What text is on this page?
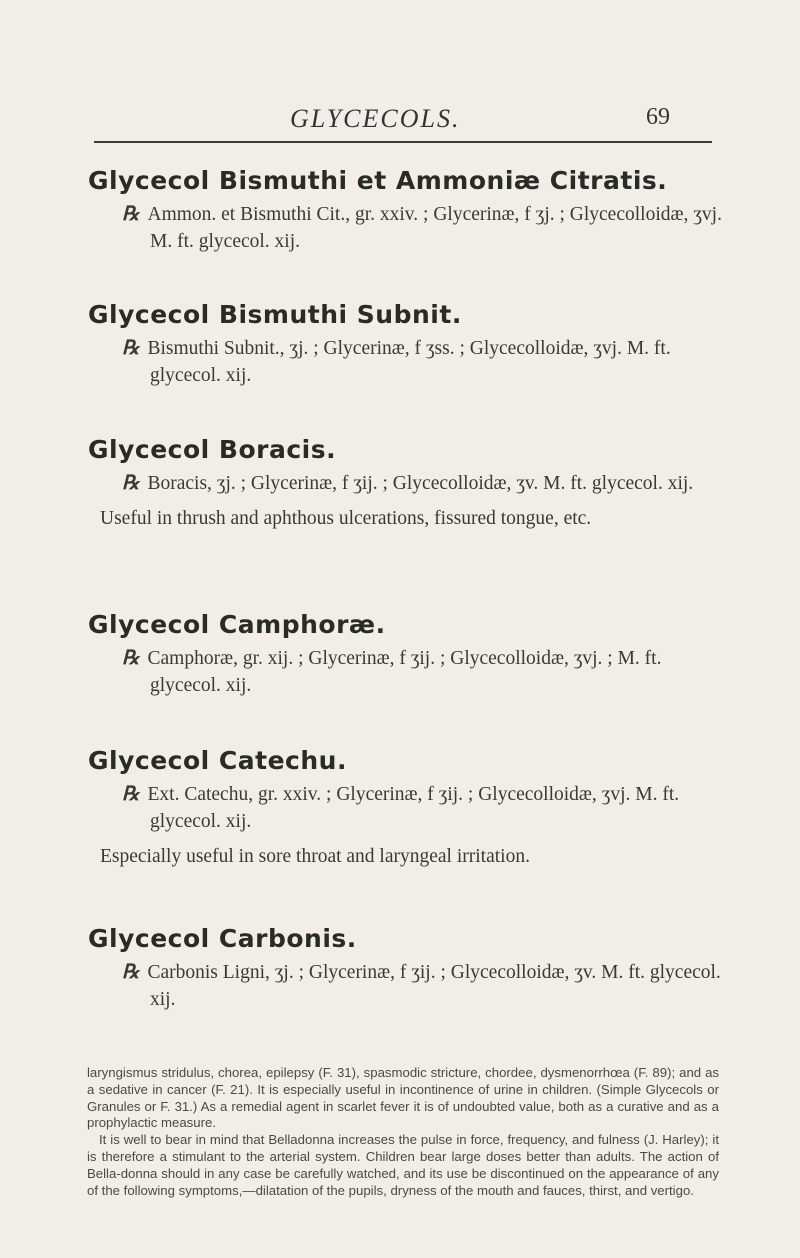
GLYCECOLS.	69
Glycecol Bismuthi et Ammoniæ Citratis.

℞ Ammon. et Bismuthi Cit., gr. xxiv. ; Glycerinæ, f ʒj. ; Glycecolloidæ, ʒvj. M. ft. glycecol. xij.

Glycecol Bismuthi Subnit.

℞ Bismuthi Subnit., ʒj. ; Glycerinæ, f ʒss. ; Glycecolloidæ, ʒvj. M. ft. glycecol. xij.

Glycecol Boracis.

℞ Boracis, ʒj. ; Glycerinæ, f ʒij. ; Glycecolloidæ, ʒv. M. ft. glycecol. xij.

Useful in thrush and aphthous ulcerations, fissured tongue, etc.

Glycecol Camphoræ.

℞ Camphoræ, gr. xij. ; Glycerinæ, f ʒij. ; Glycecolloidæ, ʒvj. ; M. ft. glycecol. xij.

Glycecol Catechu.

℞ Ext. Catechu, gr. xxiv. ; Glycerinæ, f ʒij. ; Glycecolloidæ, ʒvj. M. ft. glycecol. xij.

Especially useful in sore throat and laryngeal irritation.

Glycecol Carbonis.

℞ Carbonis Ligni, ʒj. ; Glycerinæ, f ʒij. ; Glycecolloidæ, ʒv. M. ft. glycecol. xij.

laryngismus stridulus, chorea, epilepsy (F. 31), spasmodic stricture, chordee, dysmenorrhœa (F. 89); and as a sedative in cancer (F. 21). It is especially useful in incontinence of urine in children. (Simple Glycecols or Granules or F. 31.) As a remedial agent in scarlet fever it is of undoubted value, both as a curative and as a prophylactic measure.

It is well to bear in mind that Belladonna increases the pulse in force, frequency, and fulness (J. Harley); it is therefore a stimulant to the arterial system. Children bear large doses better than adults. The action of Bella-donna should in any case be carefully watched, and its use be discontinued on the appearance of any of the following symptoms,—dilatation of the pupils, dryness of the mouth and fauces, thirst, and vertigo.
